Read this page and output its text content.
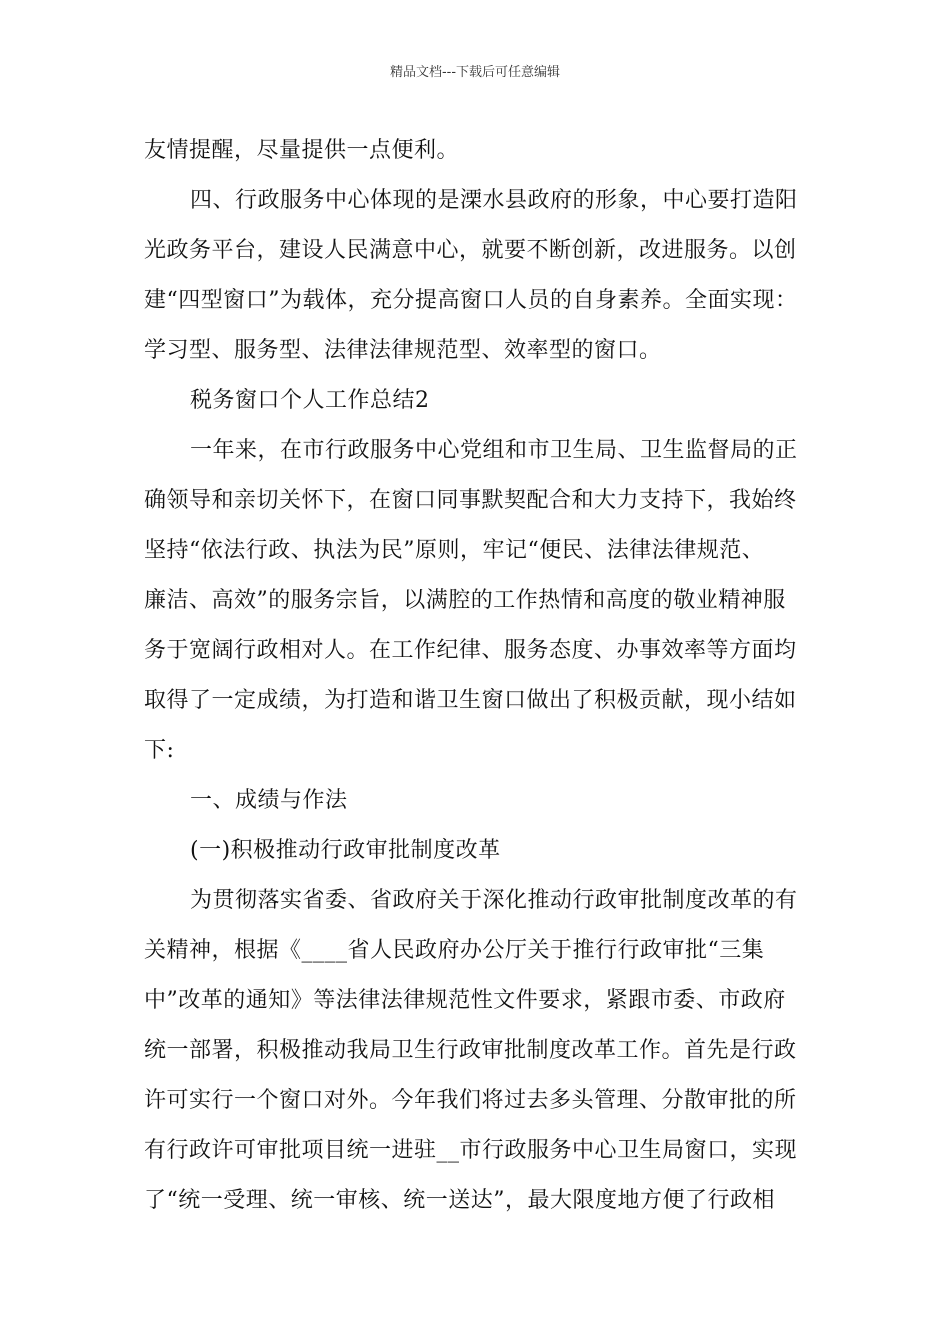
精品文档---下载后可任意编辑
友情提醒，尽量提供一点便利。
四、行政服务中心体现的是溧水县政府的形象，中心要打造阳
光政务平台，建设人民满意中心，就要不断创新，改进服务。以创
建“四型窗口”为载体，充分提高窗口人员的自身素养。全面实现：
学习型、服务型、法律法律规范型、效率型的窗口。
税务窗口个人工作总结2
一年来，在市行政服务中心党组和市卫生局、卫生监督局的正
确领导和亲切关怀下，在窗口同事默契配合和大力支持下，我始终
坚持“依法行政、执法为民”原则，牢记“便民、法律法律规范、
廉洁、高效”的服务宗旨，以满腔的工作热情和高度的敬业精神服
务于宽阔行政相对人。在工作纪律、服务态度、办事效率等方面均
取得了一定成绩，为打造和谐卫生窗口做出了积极贡献，现小结如
下:
一、成绩与作法
(一)积极推动行政审批制度改革
为贯彻落实省委、省政府关于深化推动行政审批制度改革的有
关精神，根据《____省人民政府办公厅关于推行行政审批“三集
中”改革的通知》等法律法律规范性文件要求，紧跟市委、市政府
统一部署，积极推动我局卫生行政审批制度改革工作。首先是行政
许可实行一个窗口对外。今年我们将过去多头管理、分散审批的所
有行政许可审批项目统一进驻__市行政服务中心卫生局窗口，实现
了“统一受理、统一审核、统一送达”，最大限度地方便了行政相
